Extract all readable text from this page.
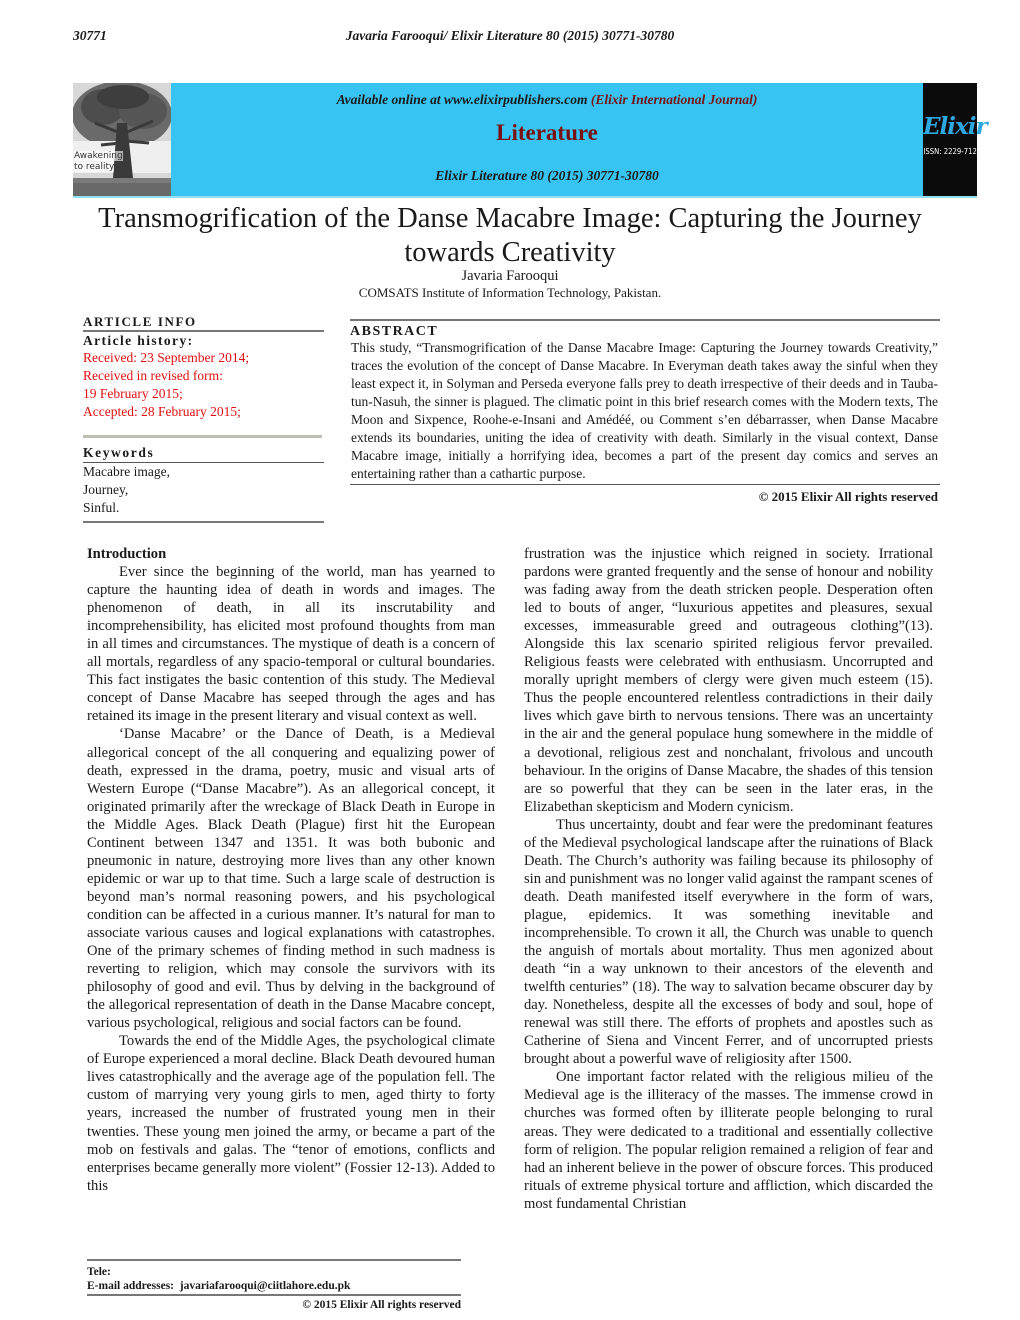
30771	Javaria Farooqui/ Elixir Literature 80 (2015) 30771-30780
Awakening
to reality
Available online at www.elixirpublishers.com (Elixir International Journal)
Literature
Elixir Literature 80 (2015) 30771-30780
Elixir
ISSN: 2229-712X
Transmogrification of the Danse Macabre Image: Capturing the Journey towards Creativity
Javaria Farooqui
COMSATS Institute of Information Technology, Pakistan.
ARTICLE INFO
Article history:
Received: 23 September 2014;
Received in revised form:
19 February 2015;
Accepted: 28 February 2015;
Keywords
Macabre image,
Journey,
Sinful.
ABSTRACT
This study, “Transmogrification of the Danse Macabre Image: Capturing the Journey towards Creativity,” traces the evolution of the concept of Danse Macabre. In Everyman death takes away the sinful when they least expect it, in Solyman and Perseda everyone falls prey to death irrespective of their deeds and in Tauba-tun-Nasuh, the sinner is plagued. The climatic point in this brief research comes with the Modern texts, The Moon and Sixpence, Roohe-e-Insani and Amédéé, ou Comment s’en débarrasser, when Danse Macabre extends its boundaries, uniting the idea of creativity with death. Similarly in the visual context, Danse Macabre image, initially a horrifying idea, becomes a part of the present day comics and serves an entertaining rather than a cathartic purpose.
© 2015 Elixir All rights reserved

Introduction

Ever since the beginning of the world, man has yearned to capture the haunting idea of death in words and images. The phenomenon of death, in all its inscrutability and incomprehensibility, has elicited most profound thoughts from man in all times and circumstances. The mystique of death is a concern of all mortals, regardless of any spacio-temporal or cultural boundaries. This fact instigates the basic contention of this study. The Medieval concept of Danse Macabre has seeped through the ages and has retained its image in the present literary and visual context as well.

‘Danse Macabre’ or the Dance of Death, is a Medieval allegorical concept of the all conquering and equalizing power of death, expressed in the drama, poetry, music and visual arts of Western Europe (“Danse Macabre”). As an allegorical concept, it originated primarily after the wreckage of Black Death in Europe in the Middle Ages. Black Death (Plague) first hit the European Continent between 1347 and 1351. It was both bubonic and pneumonic in nature, destroying more lives than any other known epidemic or war up to that time. Such a large scale of destruction is beyond man’s normal reasoning powers, and his psychological condition can be affected in a curious manner. It’s natural for man to associate various causes and logical explanations with catastrophes. One of the primary schemes of finding method in such madness is reverting to religion, which may console the survivors with its philosophy of good and evil. Thus by delving in the background of the allegorical representation of death in the Danse Macabre concept, various psychological, religious and social factors can be found.

Towards the end of the Middle Ages, the psychological climate of Europe experienced a moral decline. Black Death devoured human lives catastrophically and the average age of the population fell. The custom of marrying very young girls to men, aged thirty to forty years, increased the number of frustrated young men in their twenties. These young men joined the army, or became a part of the mob on festivals and galas. The “tenor of emotions, conflicts and enterprises became generally more violent” (Fossier 12-13). Added to this

frustration was the injustice which reigned in society. Irrational pardons were granted frequently and the sense of honour and nobility was fading away from the death stricken people. Desperation often led to bouts of anger, “luxurious appetites and pleasures, sexual excesses, immeasurable greed and outrageous clothing”(13). Alongside this lax scenario spirited religious fervor prevailed. Religious feasts were celebrated with enthusiasm. Uncorrupted and morally upright members of clergy were given much esteem (15). Thus the people encountered relentless contradictions in their daily lives which gave birth to nervous tensions. There was an uncertainty in the air and the general populace hung somewhere in the middle of a devotional, religious zest and nonchalant, frivolous and uncouth behaviour. In the origins of Danse Macabre, the shades of this tension are so powerful that they can be seen in the later eras, in the Elizabethan skepticism and Modern cynicism.

Thus uncertainty, doubt and fear were the predominant features of the Medieval psychological landscape after the ruinations of Black Death. The Church’s authority was failing because its philosophy of sin and punishment was no longer valid against the rampant scenes of death. Death manifested itself everywhere in the form of wars, plague, epidemics. It was something inevitable and incomprehensible. To crown it all, the Church was unable to quench the anguish of mortals about mortality. Thus men agonized about death “in a way unknown to their ancestors of the eleventh and twelfth centuries” (18). The way to salvation became obscurer day by day. Nonetheless, despite all the excesses of body and soul, hope of renewal was still there. The efforts of prophets and apostles such as Catherine of Siena and Vincent Ferrer, and of uncorrupted priests brought about a powerful wave of religiosity after 1500.

One important factor related with the religious milieu of the Medieval age is the illiteracy of the masses. The immense crowd in churches was formed often by illiterate people belonging to rural areas. They were dedicated to a traditional and essentially collective form of religion. The popular religion remained a religion of fear and had an inherent believe in the power of obscure forces. This produced rituals of extreme physical torture and affliction, which discarded the most fundamental Christian

Tele:
E-mail addresses: javariafarooqui@ciitlahore.edu.pk
© 2015 Elixir All rights reserved
